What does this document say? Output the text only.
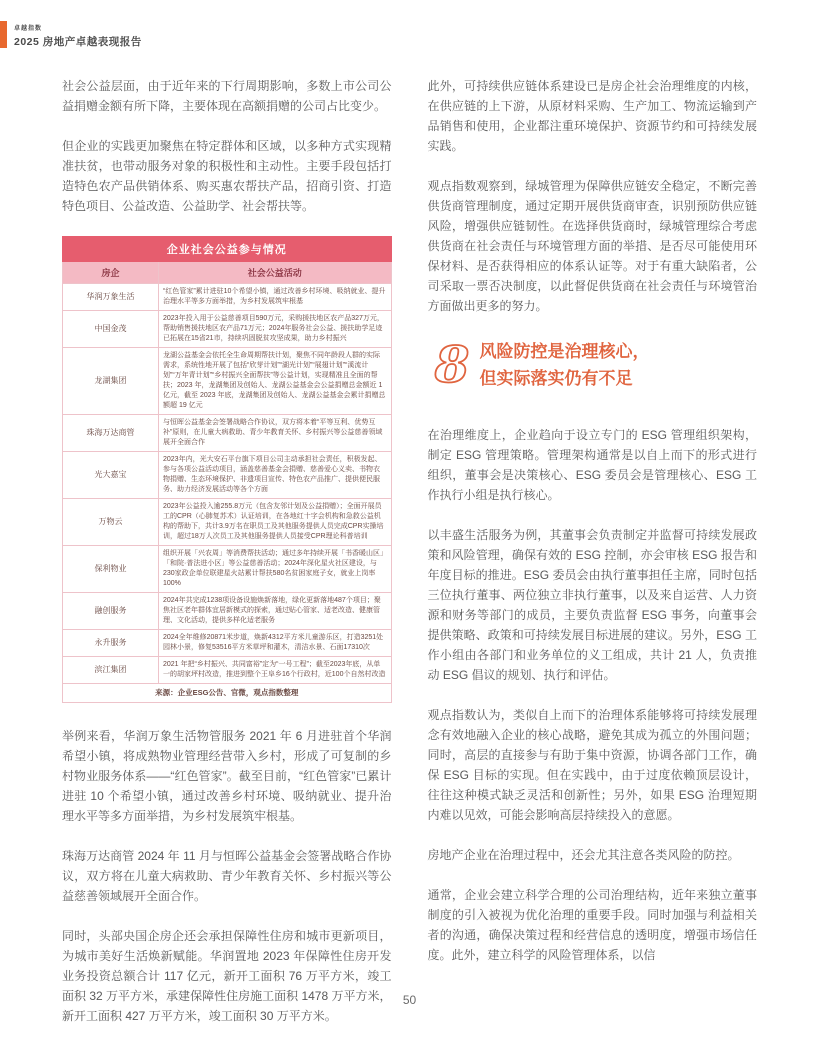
卓越指数
2025 房地产卓越表现报告

社会公益层面，由于近年来的下行周期影响，多数上市公司公益捐赠金额有所下降，主要体现在高额捐赠的公司占比变少。

但企业的实践更加聚焦在特定群体和区域，以多种方式实现精准扶贫，也带动服务对象的积极性和主动性。主要手段包括打造特色农产品供销体系、购买惠农帮扶产品，招商引资、打造特色项目、公益改造、公益助学、社会帮扶等。

企业社会公益参与情况	
房企	社会公益活动
华润万象生活	“红色管家”累计进驻10个希望小镇，通过改善乡村环境、吸纳就业、提升治理水平等多方面举措，为乡村发展筑牢根基
中国金茂	2023年投入用于公益慈善项目590万元，采购援扶地区农产品327万元，帮助销售援扶地区农产品71万元；2024年服务社会公益、援扶助学足迹已拓展在15省21市，持续巩固脱贫攻坚成果，助力乡村振兴
龙湖集团	龙湖公益基金会依托全生命周期帮扶计划，聚焦不同年龄段人群的实际需求，系统性地开展了包括“欣芽计划”“湖光计划”“展翅计划”“溪流计划”“万年青计划”“乡村振兴全面帮扶”等公益计划，实现精准且全面的帮扶；2023 年，龙湖集团及创始人、龙湖公益基金会公益捐赠总金额近 1 亿元，截至 2023 年底，龙湖集团及创始人、龙湖公益基金会累计捐赠总额超 19 亿元
珠海万达商管	与恒晖公益基金会签署战略合作协议，双方将本着“平等互利、优势互补”原则，在儿童大病救助、青少年教育关怀、乡村振兴等公益慈善领域展开全面合作
光大嘉宝	2023年内，光大安石平台旗下项目公司主动承担社会责任，积极发起、参与各项公益活动项目，涵盖慈善基金会捐赠、慈善爱心义卖、书物衣物捐赠、生态环境保护、非遗项目宣传、特色农产品推广、提供便民服务、助力经济发展活动等各个方面
万物云	2023年公益投入逾255.8万元（包含友邻计划及公益捐赠）；全面开展员工的CPR（心肺复苏术）认证培训，在各地红十字会机构和急救公益机构的帮助下，共计3.9万名在职员工及其他服务提供人员完成CPR实操培训，超过18万人次员工及其他服务提供人员接受CPR理论科普培训
保利物业	组织开展「兴农周」等消费帮扶活动；通过多年持续开展「书香暖山区」「和院·普法进小区」等公益慈善活动；2024年深化星火社区建设，与230家政企单位联建星火站累计帮扶580名贫困家庭子女，就业上岗率100%
融创服务	2024年共完成1238项设备设施焕新落地，绿化更新落地487个项目；聚焦社区老年群体宜居新模式的探索，通过贴心管家、适老改造、健康管理、文化活动，提供多样化适老服务
永升服务	2024全年维修20871米步道，焕新4312平方米儿童游乐区，打造3251处园林小景，修复53516平方米草坪和灌木，清洁水景、石面17310次
滨江集团	2021 年把“乡村振兴、共同富裕”定为“一号工程”；截至2023年底，从单一的胡家坪村改造，推进到整个王阜乡16个行政村，近100个自然村改造
来源：企业ESG公告、官微，观点指数整理	

举例来看，华润万象生活物管服务 2021 年 6 月进驻首个华润希望小镇，将成熟物业管理经营带入乡村，形成了可复制的乡村物业服务体系——“红色管家”。截至目前，“红色管家”已累计进驻 10 个希望小镇，通过改善乡村环境、吸纳就业、提升治理水平等多方面举措，为乡村发展筑牢根基。

珠海万达商管 2024 年 11 月与恒晖公益基金会签署战略合作协议，双方将在儿童大病救助、青少年教育关怀、乡村振兴等公益慈善领域展开全面合作。

同时，头部央国企房企还会承担保障性住房和城市更新项目，为城市美好生活焕新赋能。华润置地 2023 年保障性住房开发业务投资总额合计 117 亿元，新开工面积 76 万平方米，竣工面积 32 万平方米，承建保障性住房施工面积 1478 万平方米，新开工面积 427 万平方米，竣工面积 30 万平方米。

此外，可持续供应链体系建设已是房企社会治理维度的内核，在供应链的上下游，从原材料采购、生产加工、物流运输到产品销售和使用，企业都注重环境保护、资源节约和可持续发展实践。

观点指数观察到，绿城管理为保障供应链安全稳定，不断完善供货商管理制度，通过定期开展供货商审查，识别预防供应链风险，增强供应链韧性。在选择供货商时，绿城管理综合考虑供货商在社会责任与环境管理方面的举措、是否尽可能使用环保材料、是否获得相应的体系认证等。对于有重大缺陷者，公司采取一票否决制度，以此督促供货商在社会责任与环境管治方面做出更多的努力。

8 风险防控是治理核心，
但实际落实仍有不足

在治理维度上，企业趋向于设立专门的 ESG 管理组织架构，制定 ESG 管理策略。管理架构通常是以自上而下的形式进行组织，董事会是决策核心、ESG 委员会是管理核心、ESG 工作执行小组是执行核心。

以丰盛生活服务为例，其董事会负责制定并监督可持续发展政策和风险管理，确保有效的 ESG 控制，亦会审核 ESG 报告和年度目标的推进。ESG 委员会由执行董事担任主席，同时包括三位执行董事、两位独立非执行董事，以及来自运营、人力资源和财务等部门的成员，主要负责监督 ESG 事务，向董事会提供策略、政策和可持续发展目标进展的建议。另外，ESG 工作小组由各部门和业务单位的义工组成，共计 21 人，负责推动 ESG 倡议的规划、执行和评估。

观点指数认为，类似自上而下的治理体系能够将可持续发展理念有效地融入企业的核心战略，避免其成为孤立的外围问题；同时，高层的直接参与有助于集中资源，协调各部门工作，确保 ESG 目标的实现。但在实践中，由于过度依赖顶层设计，往往这种模式缺乏灵活和创新性；另外，如果 ESG 治理短期内难以见效，可能会影响高层持续投入的意愿。

房地产企业在治理过程中，还会尤其注意各类风险的防控。

通常，企业会建立科学合理的公司治理结构，近年来独立董事制度的引入被视为优化治理的重要手段。同时加强与利益相关者的沟通，确保决策过程和经营信息的透明度，增强市场信任度。此外，建立科学的风险管理体系，以信

50
